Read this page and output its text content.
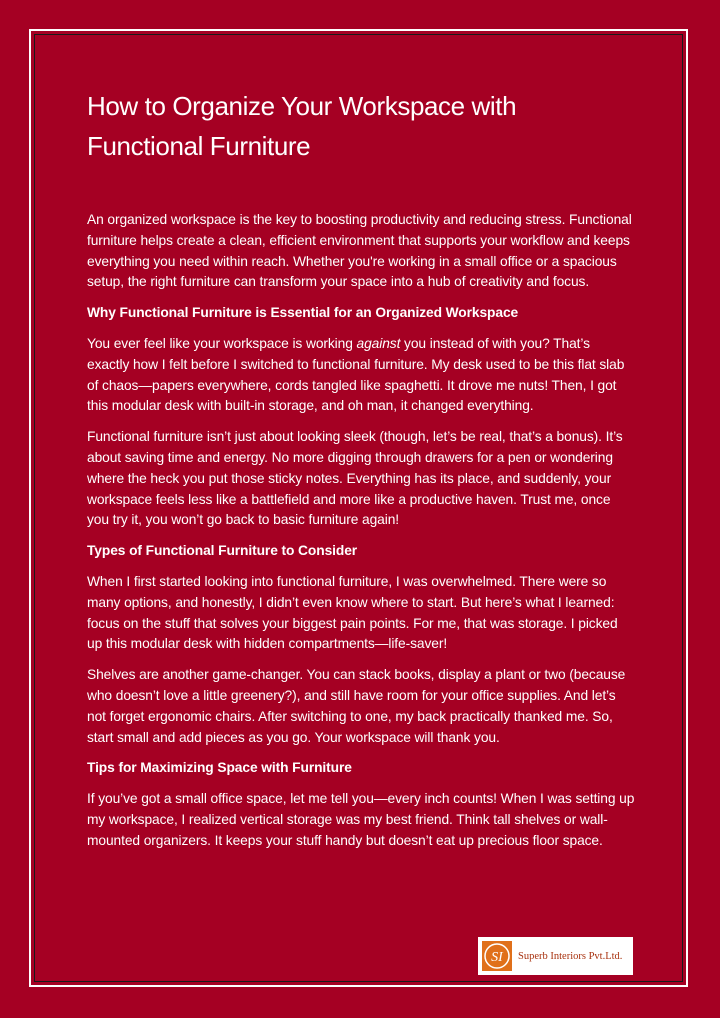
How to Organize Your Workspace with Functional Furniture

An organized workspace is the key to boosting productivity and reducing stress. Functional furniture helps create a clean, efficient environment that supports your workflow and keeps everything you need within reach. Whether you're working in a small office or a spacious setup, the right furniture can transform your space into a hub of creativity and focus.

Why Functional Furniture is Essential for an Organized Workspace

You ever feel like your workspace is working against you instead of with you? That’s exactly how I felt before I switched to functional furniture. My desk used to be this flat slab of chaos—papers everywhere, cords tangled like spaghetti. It drove me nuts! Then, I got this modular desk with built-in storage, and oh man, it changed everything.

Functional furniture isn’t just about looking sleek (though, let’s be real, that’s a bonus). It’s about saving time and energy. No more digging through drawers for a pen or wondering where the heck you put those sticky notes. Everything has its place, and suddenly, your workspace feels less like a battlefield and more like a productive haven. Trust me, once you try it, you won’t go back to basic furniture again!

Types of Functional Furniture to Consider

When I first started looking into functional furniture, I was overwhelmed. There were so many options, and honestly, I didn’t even know where to start. But here’s what I learned: focus on the stuff that solves your biggest pain points. For me, that was storage. I picked up this modular desk with hidden compartments—life-saver!

Shelves are another game-changer. You can stack books, display a plant or two (because who doesn’t love a little greenery?), and still have room for your office supplies. And let’s not forget ergonomic chairs. After switching to one, my back practically thanked me. So, start small and add pieces as you go. Your workspace will thank you.

Tips for Maximizing Space with Furniture

If you’ve got a small office space, let me tell you—every inch counts! When I was setting up my workspace, I realized vertical storage was my best friend. Think tall shelves or wall-mounted organizers. It keeps your stuff handy but doesn’t eat up precious floor space.

SI Superb Interiors Pvt.Ltd.
